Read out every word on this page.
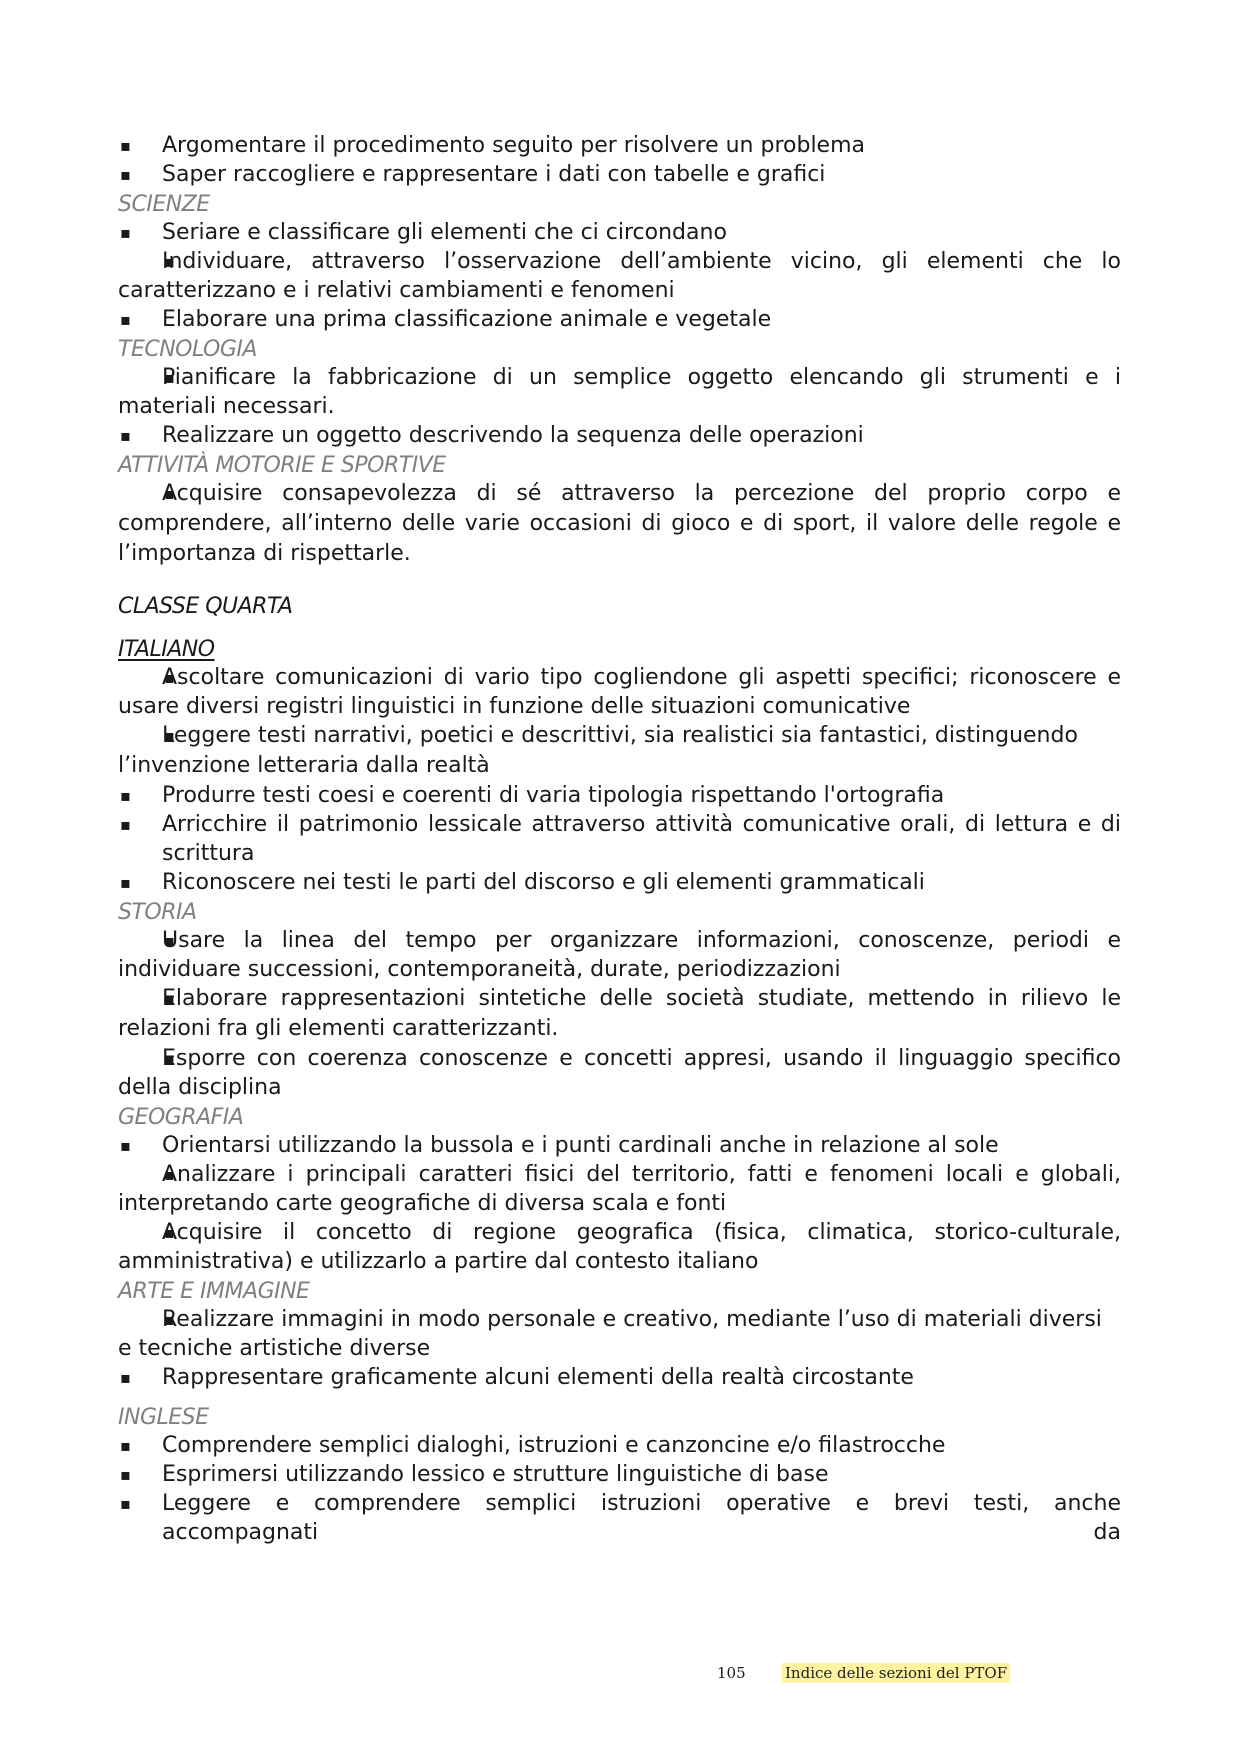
▪ Argomentare il procedimento seguito per risolvere un problema

▪ Saper raccogliere e rappresentare i dati con tabelle e grafici

SCIENZE

▪ Seriare e classificare gli elementi che ci circondano

▪ Individuare, attraverso l’osservazione dell’ambiente vicino, gli elementi che lo caratterizzano e i relativi cambiamenti e fenomeni

▪ Elaborare una prima classificazione animale e vegetale

TECNOLOGIA

▪ Pianificare la fabbricazione di un semplice oggetto elencando gli strumenti e i materiali necessari.

▪ Realizzare un oggetto descrivendo la sequenza delle operazioni

ATTIVITÀ MOTORIE E SPORTIVE

▪ Acquisire consapevolezza di sé attraverso la percezione del proprio corpo e comprendere, all’interno delle varie occasioni di gioco e di sport, il valore delle regole e l’importanza di rispettarle.

CLASSE QUARTA

ITALIANO

▪ Ascoltare comunicazioni di vario tipo cogliendone gli aspetti specifici; riconoscere e usare diversi registri linguistici in funzione delle situazioni comunicative

▪ Leggere testi narrativi, poetici e descrittivi, sia realistici sia fantastici, distinguendo l’invenzione letteraria dalla realtà

▪ Produrre testi coesi e coerenti di varia tipologia rispettando l'ortografia

▪ Arricchire il patrimonio lessicale attraverso attività comunicative orali, di lettura e di scrittura

▪ Riconoscere nei testi le parti del discorso e gli elementi grammaticali

STORIA

▪ Usare la linea del tempo per organizzare informazioni, conoscenze, periodi e individuare successioni, contemporaneità, durate, periodizzazioni

▪ Elaborare rappresentazioni sintetiche delle società studiate, mettendo in rilievo le relazioni fra gli elementi caratterizzanti.

▪ Esporre con coerenza conoscenze e concetti appresi, usando il linguaggio specifico della disciplina

GEOGRAFIA

▪ Orientarsi utilizzando la bussola e i punti cardinali anche in relazione al sole

▪ Analizzare i principali caratteri fisici del territorio, fatti e fenomeni locali e globali, interpretando carte geografiche di diversa scala e fonti

▪ Acquisire il concetto di regione geografica (fisica, climatica, storico-culturale, amministrativa) e utilizzarlo a partire dal contesto italiano

ARTE E IMMAGINE

▪ Realizzare immagini in modo personale e creativo, mediante l’uso di materiali diversi e tecniche artistiche diverse

▪ Rappresentare graficamente alcuni elementi della realtà circostante

INGLESE

▪ Comprendere semplici dialoghi, istruzioni e canzoncine e/o filastrocche

▪ Esprimersi utilizzando lessico e strutture linguistiche di base

▪ Leggere e comprendere semplici istruzioni operative e brevi testi, anche accompagnati da

105	Indice delle sezioni del PTOF
